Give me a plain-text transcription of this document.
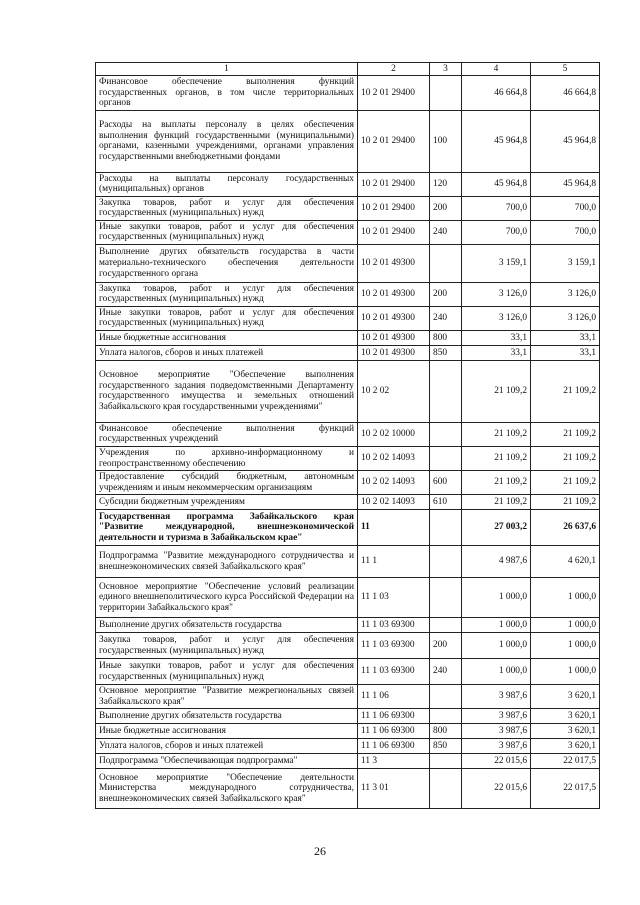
1	2	3	4	5
Финансовое обеспечение выполнения функций государственных органов, в том числе территориальных органов	10 2 01 29400		46 664,8	46 664,8
Расходы на выплаты персоналу в целях обеспечения выполнения функций государственными (муниципальными) органами, казенными учреждениями, органами управления государственными внебюджетными фондами	10 2 01 29400	100	45 964,8	45 964,8
Расходы на выплаты персоналу государственных (муниципальных) органов	10 2 01 29400	120	45 964,8	45 964,8
Закупка товаров, работ и услуг для обеспечения государственных (муниципальных) нужд	10 2 01 29400	200	700,0	700,0
Иные закупки товаров, работ и услуг для обеспечения государственных (муниципальных) нужд	10 2 01 29400	240	700,0	700,0
Выполнение других обязательств государства в части материально-технического обеспечения деятельности государственного органа	10 2 01 49300		3 159,1	3 159,1
Закупка товаров, работ и услуг для обеспечения государственных (муниципальных) нужд	10 2 01 49300	200	3 126,0	3 126,0
Иные закупки товаров, работ и услуг для обеспечения государственных (муниципальных) нужд	10 2 01 49300	240	3 126,0	3 126,0
Иные бюджетные ассигнования	10 2 01 49300	800	33,1	33,1
Уплата налогов, сборов и иных платежей	10 2 01 49300	850	33,1	33,1
Основное мероприятие "Обеспечение выполнения государственного задания подведомственными Департаменту государственного имущества и земельных отношений Забайкальского края государственными учреждениями"	10 2 02		21 109,2	21 109,2
Финансовое обеспечение выполнения функций государственных учреждений	10 2 02 10000		21 109,2	21 109,2
Учреждения по архивно-информационному и геопространственному обеспечению	10 2 02 14093		21 109,2	21 109,2
Предоставление субсидий бюджетным, автономным учреждениям и иным некоммерческим организациям	10 2 02 14093	600	21 109,2	21 109,2
Субсидии бюджетным учреждениям	10 2 02 14093	610	21 109,2	21 109,2
Государственная программа Забайкальского края "Развитие международной, внешнеэкономической деятельности и туризма в Забайкальском крае"	11		27 003,2	26 637,6
Подпрограмма "Развитие международного сотрудничества и внешнеэкономических связей Забайкальского края"	11 1		4 987,6	4 620,1
Основное мероприятие "Обеспечение условий реализации единого внешнеполитического курса Российской Федерации на территории Забайкальского края"	11 1 03		1 000,0	1 000,0
Выполнение других обязательств государства	11 1 03 69300		1 000,0	1 000,0
Закупка товаров, работ и услуг для обеспечения государственных (муниципальных) нужд	11 1 03 69300	200	1 000,0	1 000,0
Иные закупки товаров, работ и услуг для обеспечения государственных (муниципальных) нужд	11 1 03 69300	240	1 000,0	1 000,0
Основное мероприятие "Развитие межрегиональных связей Забайкальского края"	11 1 06		3 987,6	3 620,1
Выполнение других обязательств государства	11 1 06 69300		3 987,6	3 620,1
Иные бюджетные ассигнования	11 1 06 69300	800	3 987,6	3 620,1
Уплата налогов, сборов и иных платежей	11 1 06 69300	850	3 987,6	3 620,1
Подпрограмма "Обеспечивающая подпрограмма"	11 3		22 015,6	22 017,5
Основное мероприятие "Обеспечение деятельности Министерства международного сотрудничества, внешнеэкономических связей Забайкальского края"	11 3 01		22 015,6	22 017,5
26
